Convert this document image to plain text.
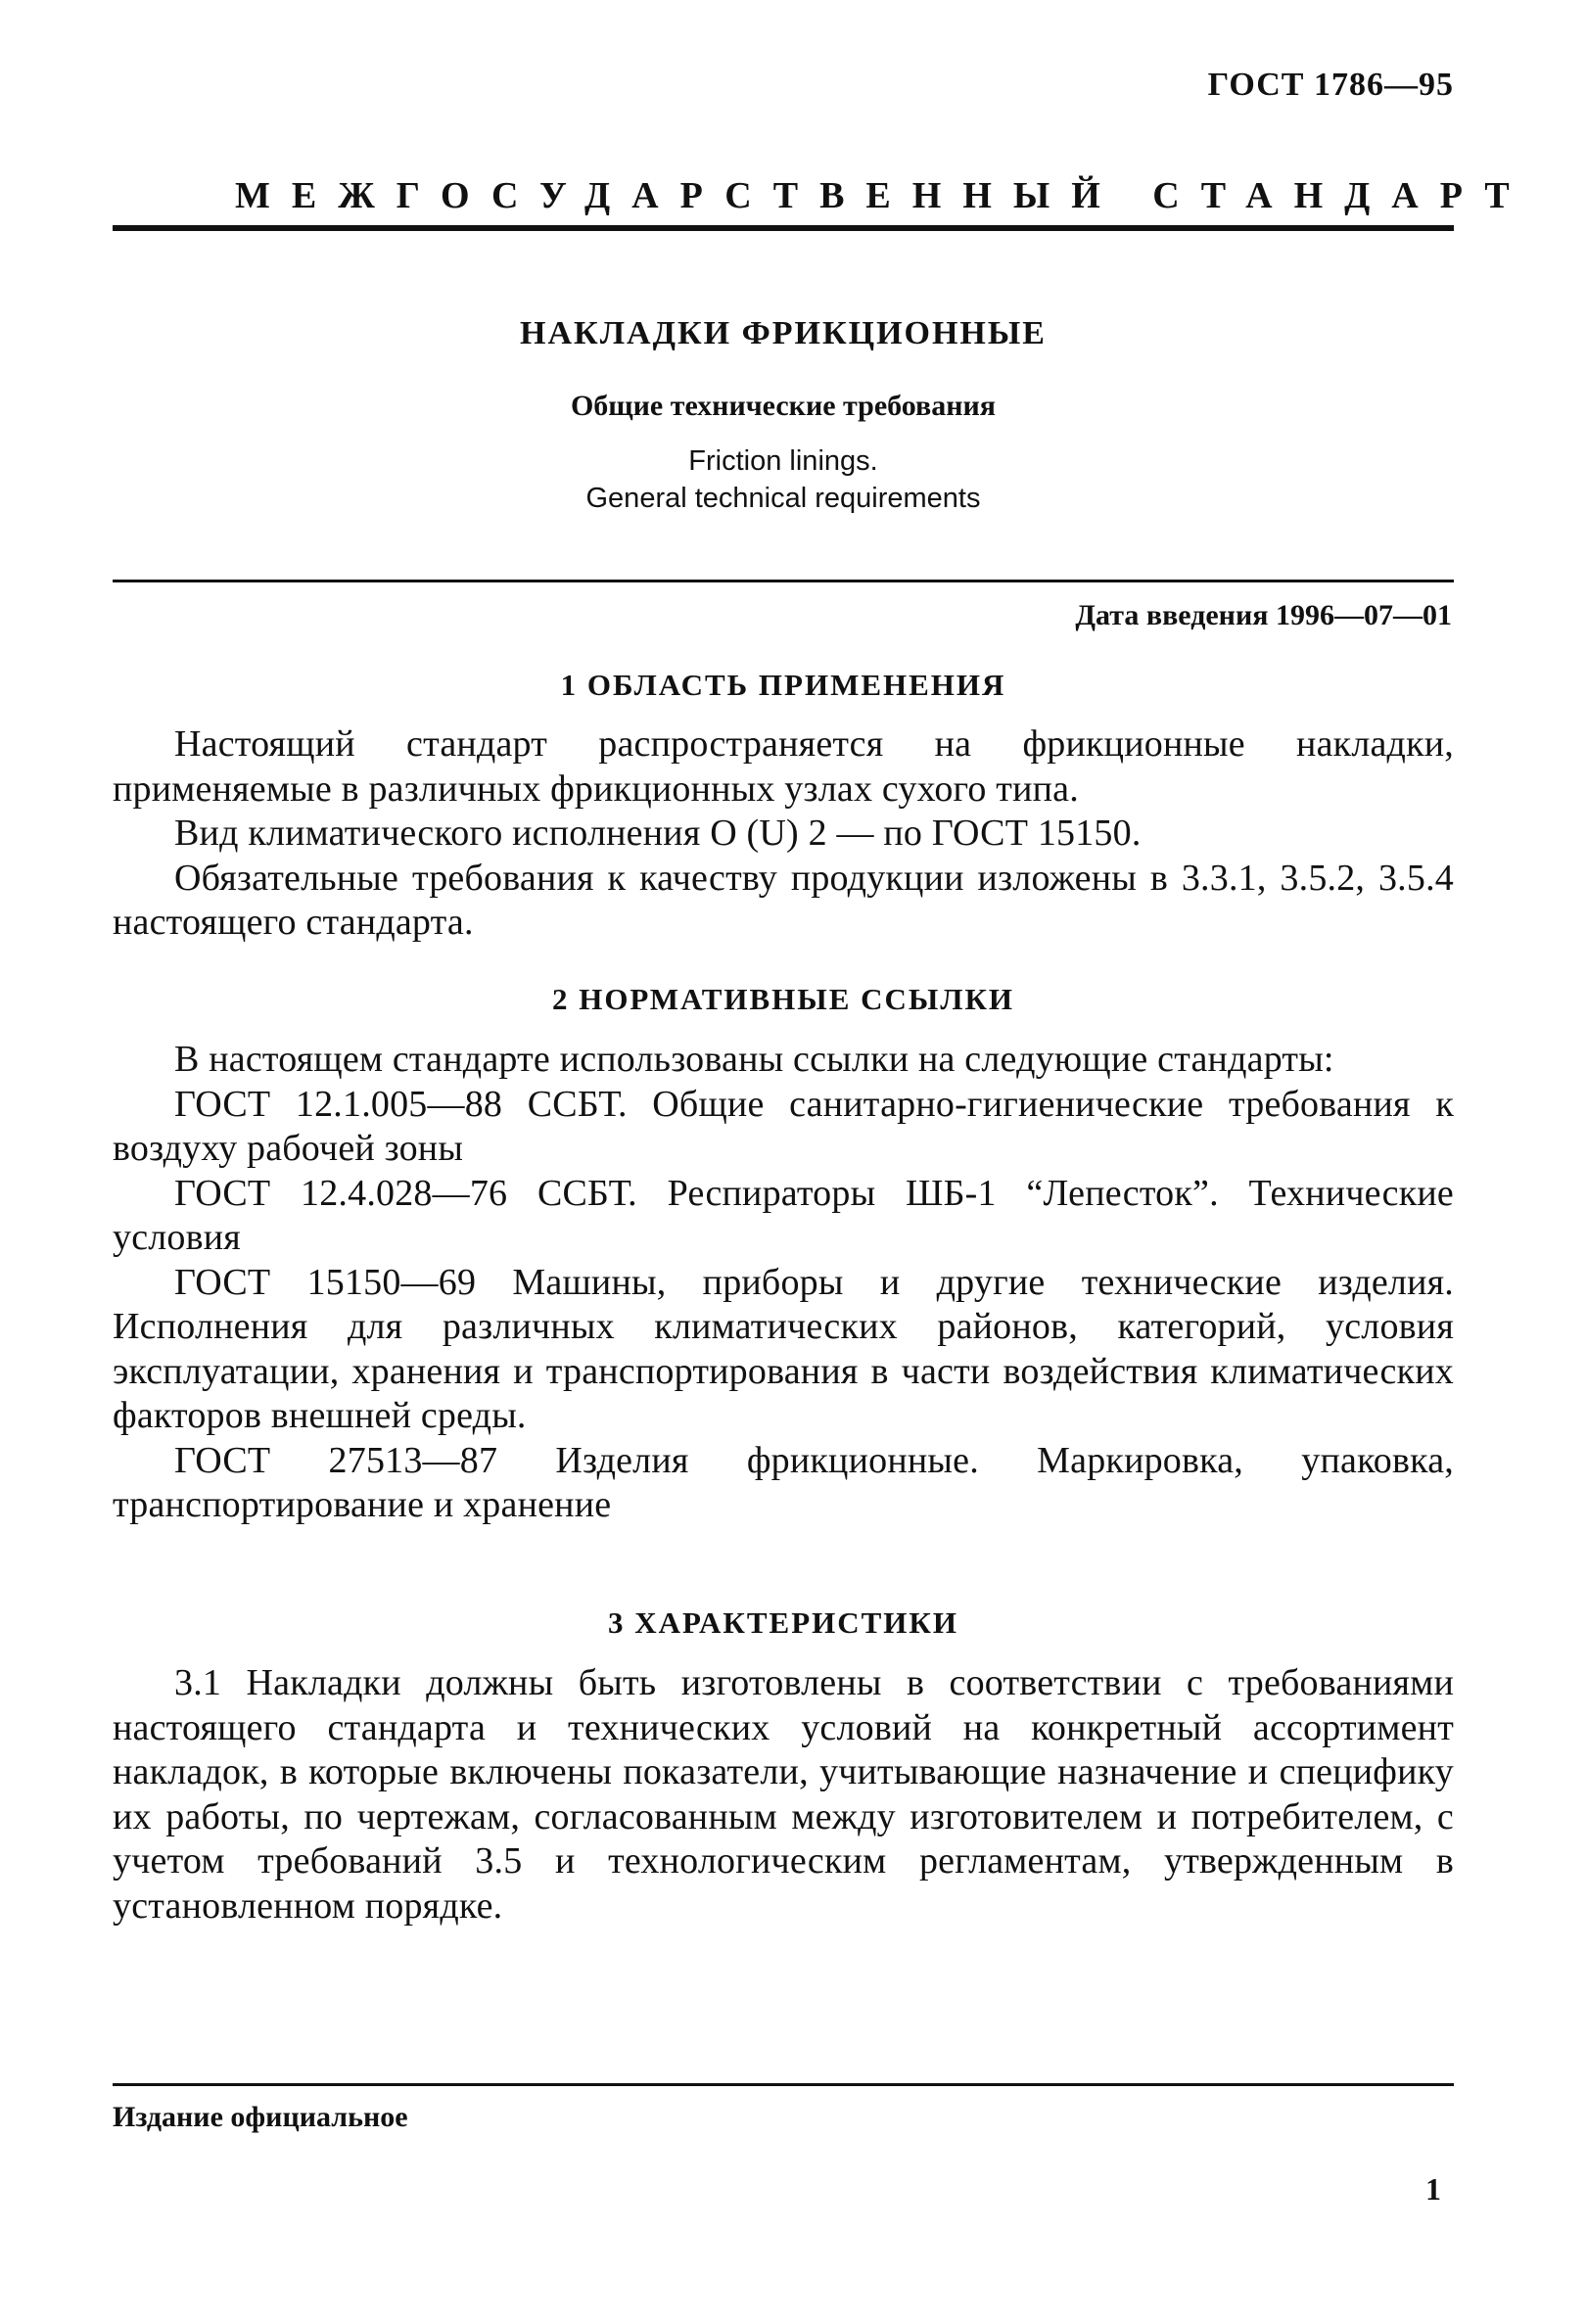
ГОСТ 1786—95
МЕЖГОСУДАРСТВЕННЫЙ СТАНДАРТ
НАКЛАДКИ ФРИКЦИОННЫЕ
Общие технические требования
Friction linings.
General technical requirements
Дата введения 1996—07—01
1 ОБЛАСТЬ ПРИМЕНЕНИЯ

Настоящий стандарт распространяется на фрикционные накладки, применяемые в различных фрикционных узлах сухого типа.

Вид климатического исполнения О (U) 2 — по ГОСТ 15150.

Обязательные требования к качеству продукции изложены в 3.3.1, 3.5.2, 3.5.4 настоящего стандарта.

2 НОРМАТИВНЫЕ ССЫЛКИ

В настоящем стандарте использованы ссылки на следующие стандарты:

ГОСТ 12.1.005—88 ССБТ. Общие санитарно-гигиенические требования к воздуху рабочей зоны

ГОСТ 12.4.028—76 ССБТ. Респираторы ШБ-1 “Лепесток”. Технические условия

ГОСТ 15150—69 Машины, приборы и другие технические изделия. Исполнения для различных климатических районов, категорий, условия эксплуатации, хранения и транспортирования в части воздействия климатических факторов внешней среды.

ГОСТ 27513—87 Изделия фрикционные. Маркировка, упаковка, транспортирование и хранение

3 ХАРАКТЕРИСТИКИ

3.1 Накладки должны быть изготовлены в соответствии с требованиями настоящего стандарта и технических условий на конкретный ассортимент накладок, в которые включены показатели, учитывающие назначение и специфику их работы, по чертежам, согласованным между изготовителем и потребителем, с учетом требований 3.5 и технологическим регламентам, утвержденным в установленном порядке.

Издание официальное
1
